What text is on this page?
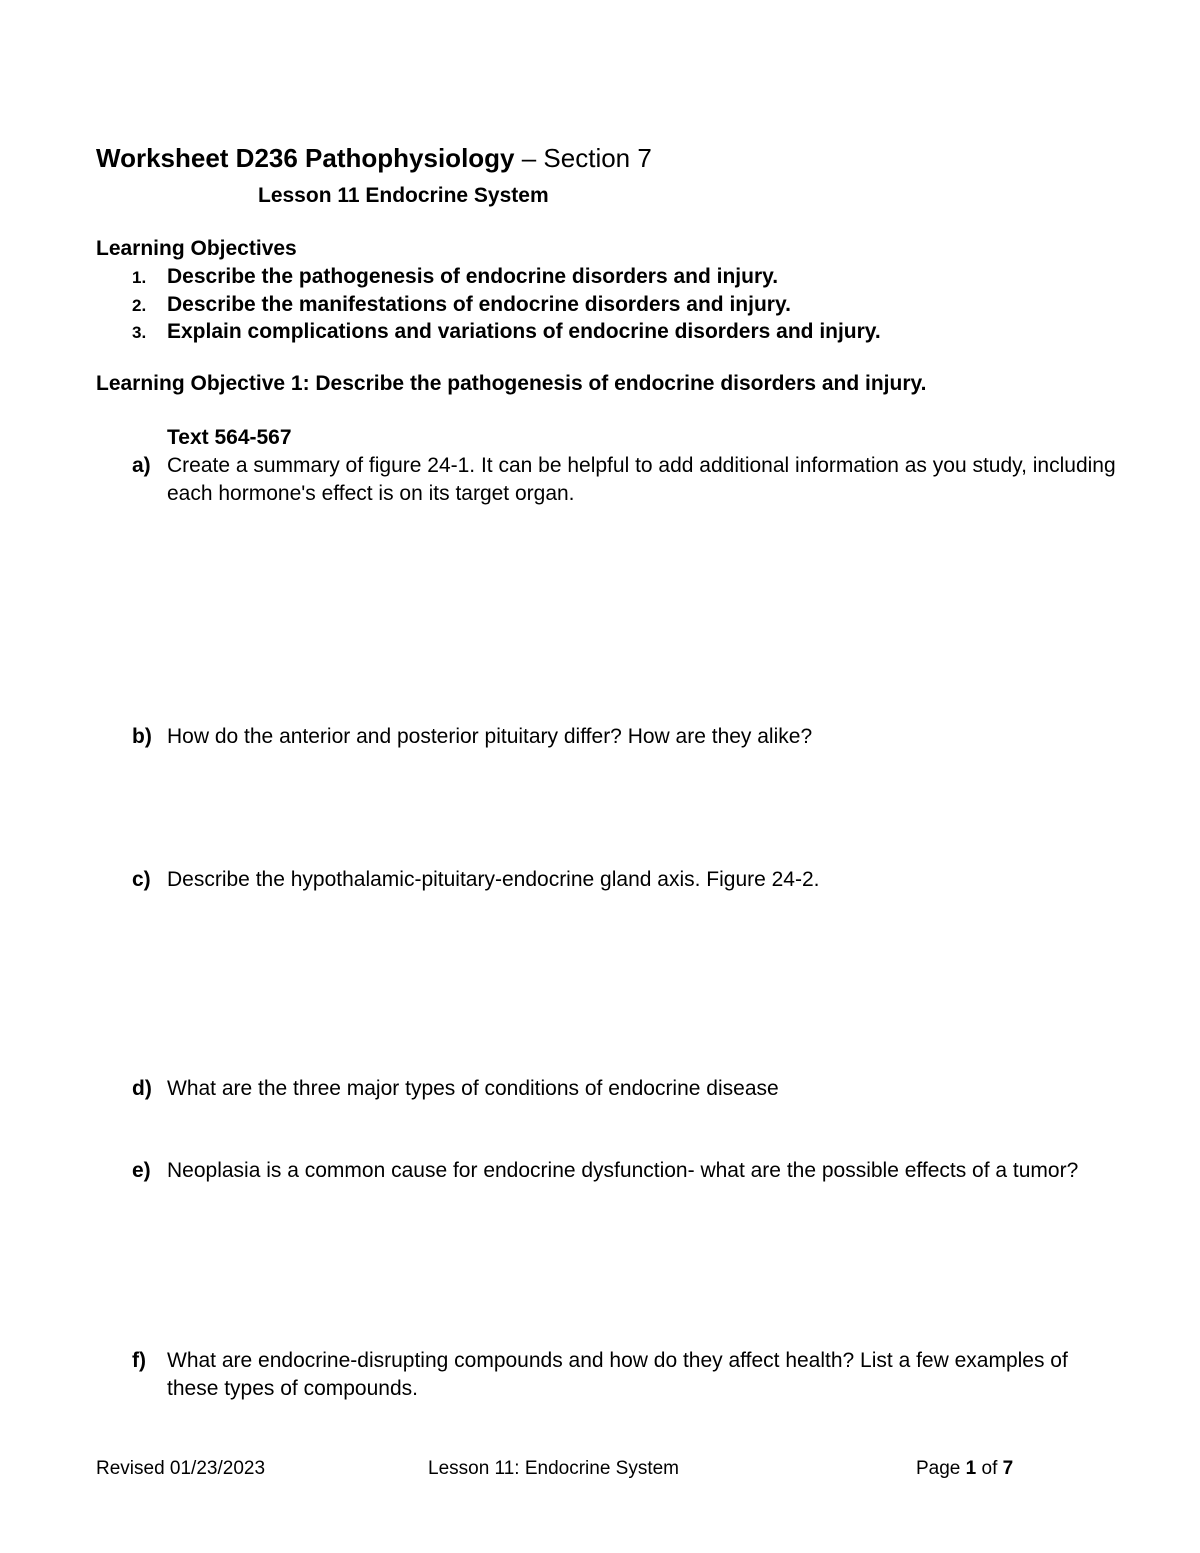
Worksheet D236 Pathophysiology – Section 7
Lesson 11 Endocrine System
Learning Objectives
1. Describe the pathogenesis of endocrine disorders and injury.
2. Describe the manifestations of endocrine disorders and injury.
3. Explain complications and variations of endocrine disorders and injury.
Learning Objective 1: Describe the pathogenesis of endocrine disorders and injury.
Text 564-567
a) Create a summary of figure 24-1. It can be helpful to add additional information as you study, including each hormone's effect is on its target organ.
b) How do the anterior and posterior pituitary differ? How are they alike?
c) Describe the hypothalamic-pituitary-endocrine gland axis. Figure 24-2.
d) What are the three major types of conditions of endocrine disease
e) Neoplasia is a common cause for endocrine dysfunction- what are the possible effects of a tumor?
f) What are endocrine-disrupting compounds and how do they affect health? List a few examples of these types of compounds.
Revised 01/23/2023	Lesson 11: Endocrine System	Page 1 of 7
